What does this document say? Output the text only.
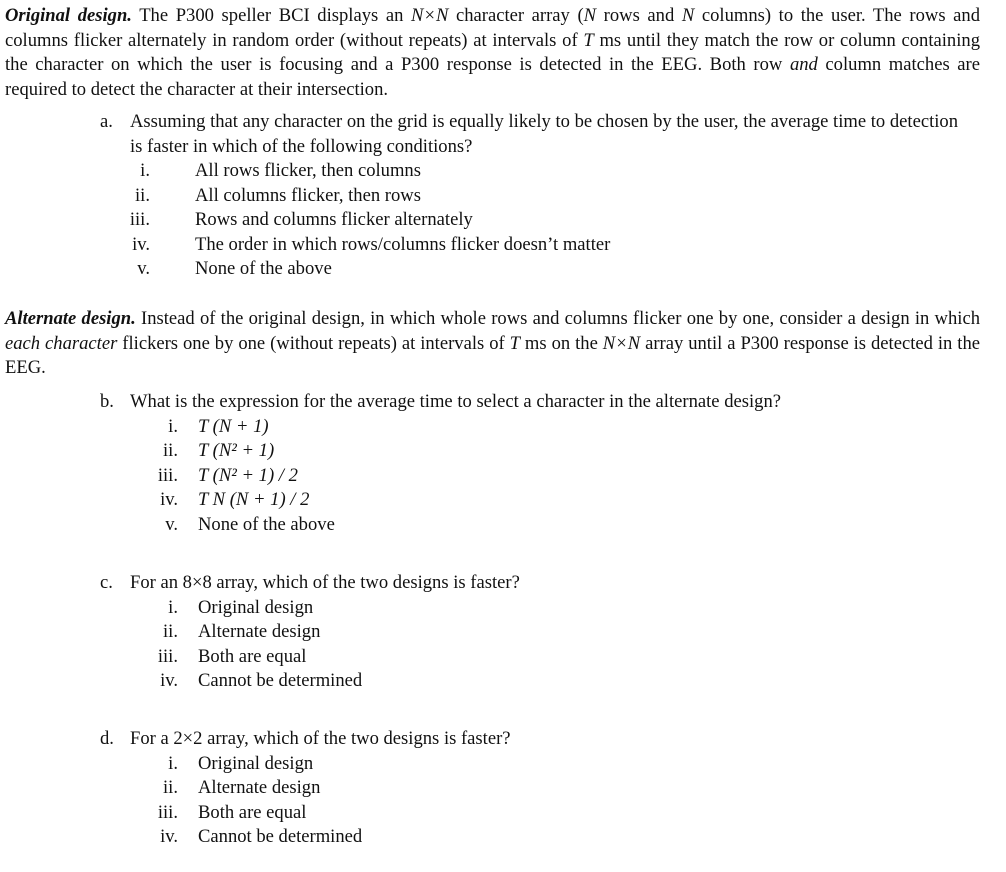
Original design. The P300 speller BCI displays an N×N character array (N rows and N columns) to the user. The rows and columns flicker alternately in random order (without repeats) at intervals of T ms until they match the row or column containing the character on which the user is focusing and a P300 response is detected in the EEG. Both row and column matches are required to detect the character at their intersection.
a. Assuming that any character on the grid is equally likely to be chosen by the user, the average time to detection is faster in which of the following conditions?
i. All rows flicker, then columns
ii. All columns flicker, then rows
iii. Rows and columns flicker alternately
iv. The order in which rows/columns flicker doesn’t matter
v. None of the above
Alternate design. Instead of the original design, in which whole rows and columns flicker one by one, consider a design in which each character flickers one by one (without repeats) at intervals of T ms on the N×N array until a P300 response is detected in the EEG.
b. What is the expression for the average time to select a character in the alternate design?
i. T (N + 1)
ii. T (N² + 1)
iii. T (N² + 1) / 2
iv. T N (N + 1) / 2
v. None of the above
c. For an 8×8 array, which of the two designs is faster?
i. Original design
ii. Alternate design
iii. Both are equal
iv. Cannot be determined
d. For a 2×2 array, which of the two designs is faster?
i. Original design
ii. Alternate design
iii. Both are equal
iv. Cannot be determined
